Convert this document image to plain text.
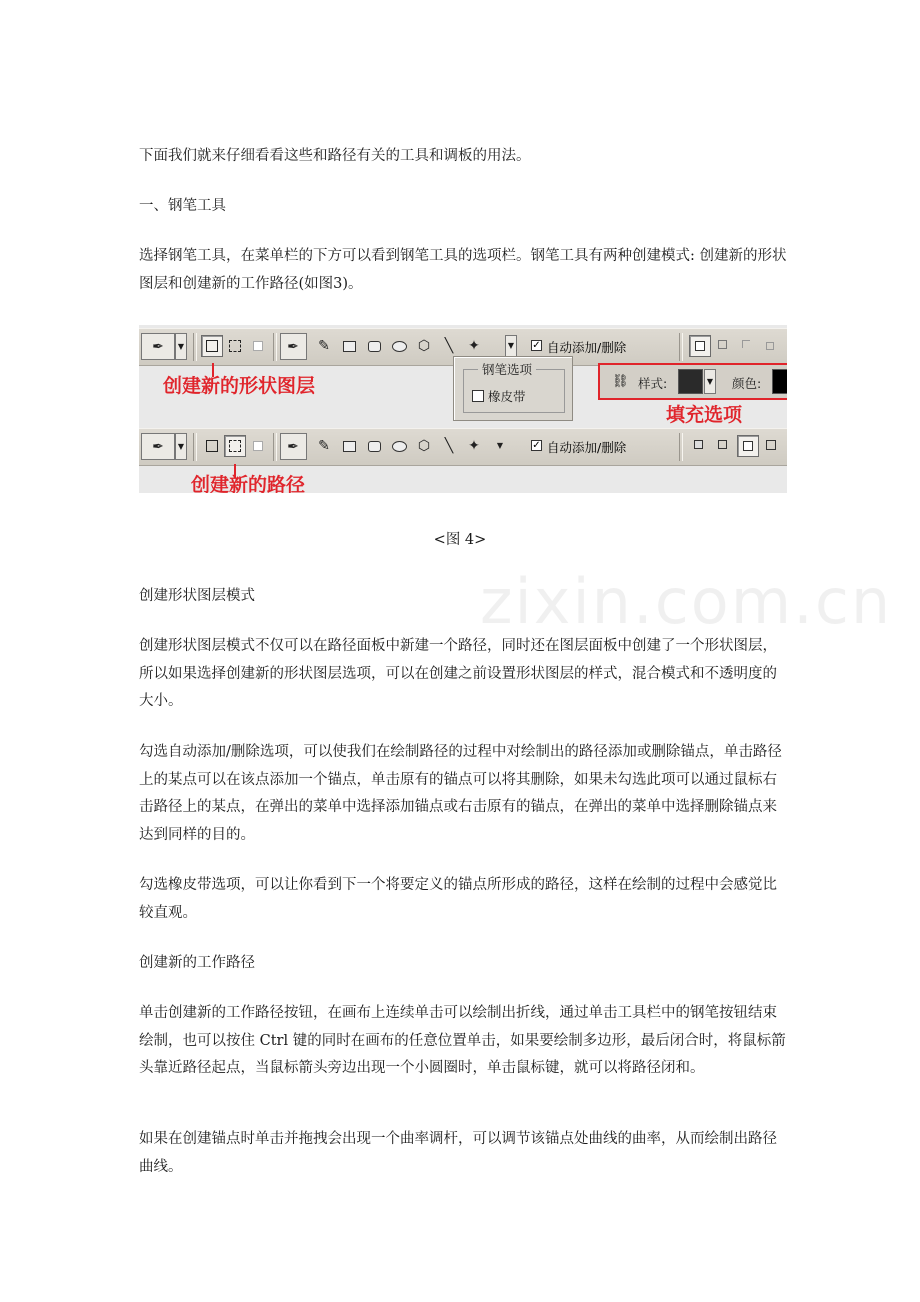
下面我们就来仔细看看这些和路径有关的工具和调板的用法。

一、钢笔工具

选择钢笔工具，在菜单栏的下方可以看到钢笔工具的选项栏。钢笔工具有两种创建模式: 创建新的形状图层和创建新的工作路径(如图3)。

✒	▼	✒	✎	⬡	╲	✦	▼ ✓ 自动添加/删除
创建新的形状图层
钢笔选项
橡皮带
⛓ 样式:	▼ 颜色:
填充选项
✒	▼	✒	✎	⬡	╲	✦	▼	✓ 自动添加/删除
创建新的路径
<图 4>
zixin.com.cn

创建形状图层模式

创建形状图层模式不仅可以在路径面板中新建一个路径，同时还在图层面板中创建了一个形状图层，所以如果选择创建新的形状图层选项，可以在创建之前设置形状图层的样式，混合模式和不透明度的大小。

勾选自动添加/删除选项，可以使我们在绘制路径的过程中对绘制出的路径添加或删除锚点，单击路径上的某点可以在该点添加一个锚点，单击原有的锚点可以将其删除，如果未勾选此项可以通过鼠标右击路径上的某点，在弹出的菜单中选择添加锚点或右击原有的锚点，在弹出的菜单中选择删除锚点来达到同样的目的。

勾选橡皮带选项，可以让你看到下一个将要定义的锚点所形成的路径，这样在绘制的过程中会感觉比较直观。

创建新的工作路径

单击创建新的工作路径按钮，在画布上连续单击可以绘制出折线，通过单击工具栏中的钢笔按钮结束绘制，也可以按住 Ctrl 键的同时在画布的任意位置单击，如果要绘制多边形，最后闭合时，将鼠标箭头靠近路径起点，当鼠标箭头旁边出现一个小圆圈时，单击鼠标键，就可以将路径闭和。

如果在创建锚点时单击并拖拽会出现一个曲率调杆，可以调节该锚点处曲线的曲率，从而绘制出路径曲线。
